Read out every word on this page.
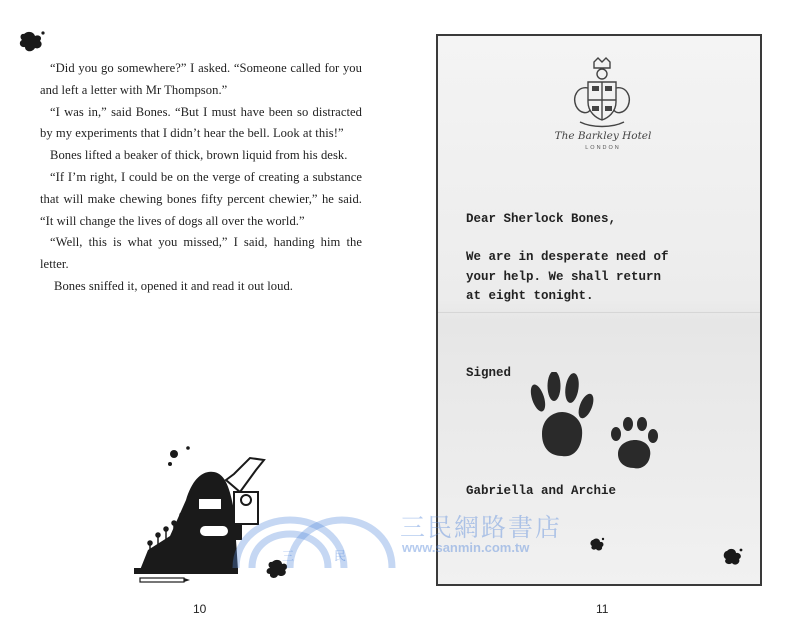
“Did you go somewhere?” I asked. “Someone called for you and left a letter with Mr Thompson.”

“I was in,” said Bones. “But I must have been so distracted by my experiments that I didn’t hear the bell. Look at this!”

Bones lifted a beaker of thick, brown liquid from his desk.

“If I’m right, I could be on the verge of creating a substance that will make chewing bones fifty percent chewier,” he said. “It will change the lives of dogs all over the world.”

“Well, this is what you missed,” I said, handing him the letter.

Bones sniffed it, opened it and read it out loud.

10
The Barkley Hotel
LONDON
Dear Sherlock Bones,
We are in desperate need of
your help. We shall return
at eight tonight.
Signed
Gabriella and Archie
11
三	民
三民網路書店
www.sanmin.com.tw
